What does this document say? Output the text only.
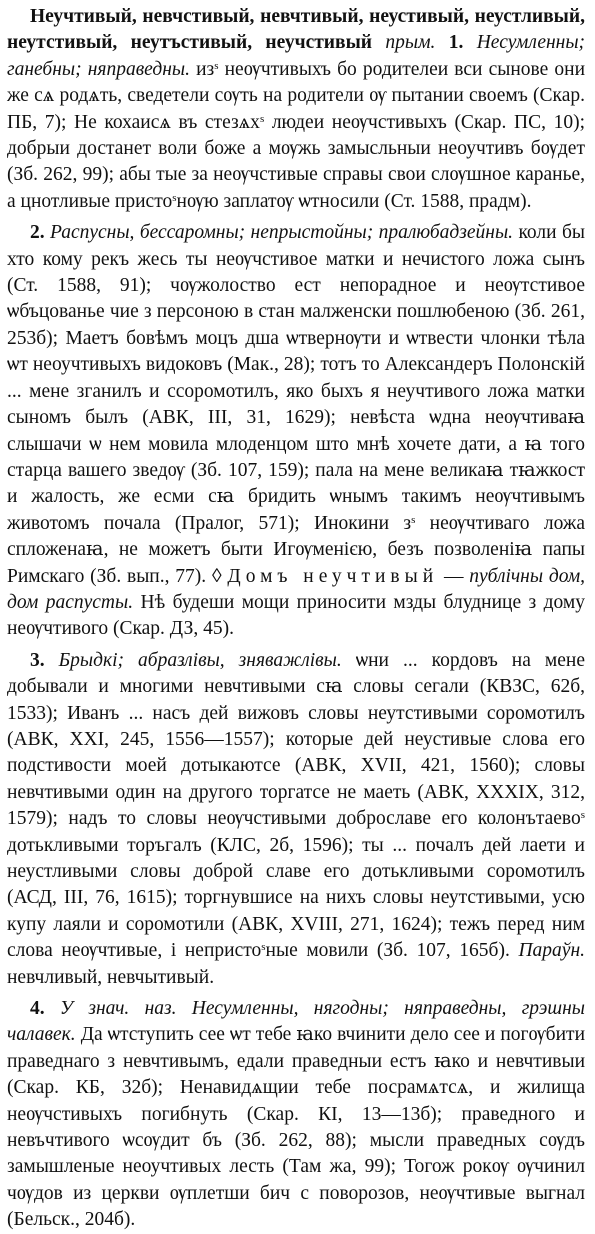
Неучтивый, невчстивый, невчтивый, неустивый, неустливый, неутстивый, неутъстивый, неучстивый прым. 1. Несумленны; ганебны; няправедны. $из^s$ неѹчтивыхъ бо родителеи вси сынове они же сѧ родѧть, сведетели сѹть на родители ѹ пытании своемъ (Скар. ПБ, 7); Не кохаисѧ въ стезѧх$^s$ людеи неѹчстивыхъ (Скар. ПС, 10); добрыи достанет воли боже а мѹжь замысльныи неоучтивъ бѹдет (Зб. 262, 99); абы тые за неѹчстивые справы свои слѹшное каранье, а цнотливые присто$^s$нѹю заплатѹ ѡтносили (Ст. 1588, прадм).

2. Распусны, бессаромны; непрыстойны; пралюбадзейны. коли бы хто кому рекъ жесь ты неѹчстивое матки и нечистого ложа сынъ (Ст. 1588, 91); чѹжолоство ест непорадное и неѹтстивое ѡбъцованье чие з персоною в стан малженски пошлюбеною (Зб. 261, 253б); Маетъ бовѣмъ моцъ дша ѡтвернѹти и ѡтвести члонки тѣла ѡт неоучтивыхъ видоковъ (Мак., 28); тотъ то Александеръ Полонскій ... мене зганилъ и ссоромотилъ, яко быхъ я неучтивого ложа матки сыномъ былъ (АВК, III, 31, 1629); невѣста ѡдна неѹчтиваꙗ слышачи ѡ нем мовила млоденцом што мнѣ хочете дати, а ꙗ того старца вашего зведѹ (Зб. 107, 159); пала на мене великаꙗ тꙗжкост и жалость, же есми сꙗ бридить ѡнымъ такимъ неѹчтивымъ животомъ почала (Пралог, 571); Инокини $з^s$ неѹчтиваго ложа спложенаꙗ, не можетъ быти Игѹменією, безъ позволеніꙗ папы Римскаго (Зб. вып., 77). ◊ Домъ неучтивый — публічны дом, дом распусты. Нѣ будеши мощи приносити мзды блуднице з дому неѹчтивого (Скар. ДЗ, 45).

3. Брыдкі; абразлівы, зняважлівы. ѡни ... кордовъ на мене добывали и многими невчтивыми сꙗ словы сегали (КВЗС, 62б, 1533); Иванъ ... насъ дей вижовъ словы неутстивыми соромотилъ (АВК, XXI, 245, 1556—1557); которые дей неустивые слова его подстивости моей дотыкаютсе (АВК, XVII, 421, 1560); словы невчтивыми один на другого торгатсе не маеть (АВК, XXXIX, 312, 1579); надъ то словы неѹчстивыми доброславе его колонътаево$^s$ дотькливыми торъгалъ (КЛС, 2б, 1596); ты ... почалъ дей лаети и неустливыми словы доброй славе его дотькливыми соромотилъ (АСД, III, 76, 1615); торгнувшисе на нихъ словы неутстивыми, усю купу лаяли и соромотили (АВК, XVIII, 271, 1624); тежъ перед ним слова неѹчтивые, і непристо$^s$ные мовили (Зб. 107, 165б). Параўн. невчливый, невчытивый.

4. У знач. наз. Несумленны, нягодны; няправедны, грэшны чалавек. Да ѡтступить сее ѡт тебе ꙗко вчинити дело сее и погѹбити праведнаго з невчтивымъ, едали праведныи естъ ꙗко и невчтивыи (Скар. КБ, 32б); Ненавидѧщии тебе посрамѧтсѧ, и жилища неѹчстивыхъ погибнуть (Скар. КІ, 13—13б); праведного и невъчтивого ѡсѹдит бъ (Зб. 262, 88); мысли праведных сѹдъ замышленые неоучтивых лесть (Там жа, 99); Тогож рокѹ ѹчинил чѹдов из церкви ѹплетши бич с поворозов, неѹчтивые выгнал (Бельск., 204б).
